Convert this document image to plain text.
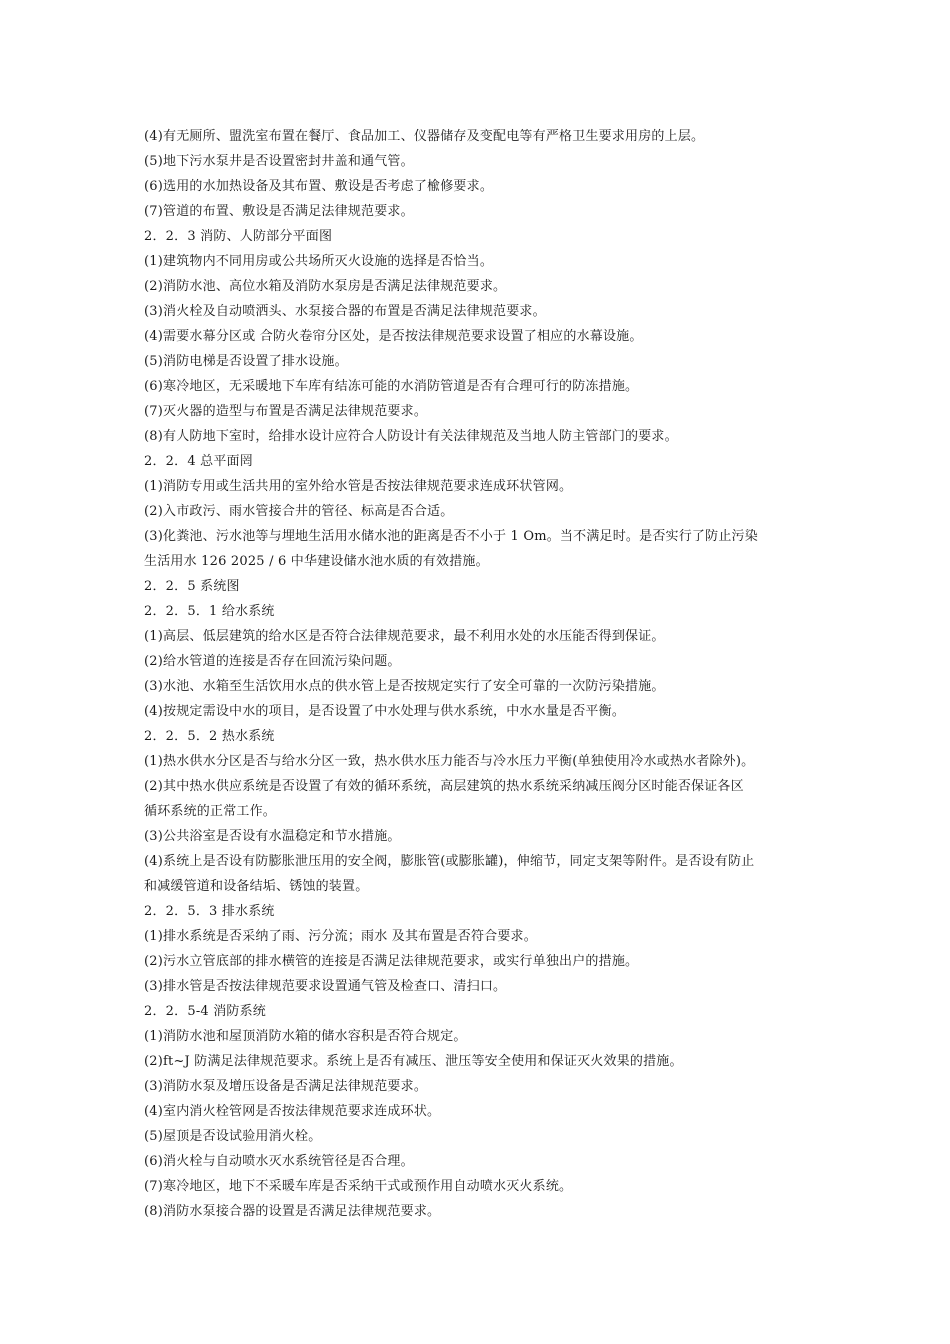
(4)有无厕所、盟洗室布置在餐厅、食品加工、仪器储存及变配电等有严格卫生要求用房的上层。
(5)地下污水泵井是否设置密封井盖和通气管。
(6)选用的水加热设备及其布置、敷设是否考虑了楡修要求。
(7)管道的布置、敷设是否满足法律规范要求。
2．2．3 消防、人防部分平面图
(1)建筑物内不同用房或公共场所灭火设施的选择是否恰当。
(2)消防水池、高位水箱及消防水泵房是否满足法律规范要求。
(3)消火栓及自动喷洒头、水泵接合器的布置是否满足法律规范要求。
(4)需要水幕分区或 合防火卷帘分区处，是否按法律规范要求设置了相应的水幕设施。
(5)消防电梯是否设置了排水设施。
(6)寒冷地区，无采暖地下车库有结冻可能的水消防管道是否有合理可行的防冻措施。
(7)灭火器的造型与布置是否满足法律规范要求。
(8)有人防地下室时，给排水设计应符合人防设计有关法律规范及当地人防主管部门的要求。
2．2．4 总平面罔
(1)消防专用或生活共用的室外给水管是否按法律规范要求连成环状管网。
(2)入市政污、雨水管接合井的管径、标高是否合适。
(3)化粪池、污水池等与埋地生活用水储水池的距离是否不小于 1 Om。当不满足时。是否实行了防止污染
生活用水 126 2025 / 6 中华建设储水池水质的有效措施。
2．2．5 系统图
2．2．5．1 给水系统
(1)高层、低层建筑的给水区是否符合法律规范要求，最不利用水处的水压能否得到保证。
(2)给水管道的连接是否存在回流污染问题。
(3)水池、水箱至生活饮用水点的供水管上是否按规定实行了安全可靠的一次防污染措施。
(4)按规定需设中水的项目，是否设置了中水处理与供水系统，中水水量是否平衡。
2．2．5．2 热水系统
(1)热水供水分区是否与给水分区一致，热水供水压力能否与冷水压力平衡(单独使用冷水或热水者除外)。
(2)其中热水供应系统是否设置了有效的循环系统，高层建筑的热水系统采纳减压阀分区时能否保证各区
循环系统的正常工作。
(3)公共浴室是否设有水温稳定和节水措施。
(4)系统上是否设有防膨胀泄压用的安全阀，膨胀管(或膨胀罐)，伸缩节，同定支架等附件。是否设有防止
和减缓管道和设备结垢、锈蚀的装置。
2．2．5．3 排水系统
(1)排水系统是否采纳了雨、污分流；雨水 及其布置是否符合要求。
(2)污水立管底部的排水横管的连接是否满足法律规范要求，或实行单独出户的措施。
(3)排水管是否按法律规范要求设置通气管及检查口、清扫口。
2．2．5-4 消防系统
(1)消防水池和屋顶消防水箱的储水容积是否符合规定。
(2)ft~J 防满足法律规范要求。系统上是否有减压、泄压等安全使用和保证灭火效果的措施。
(3)消防水泵及增压设备是否满足法律规范要求。
(4)室内消火栓管网是否按法律规范要求连成环状。
(5)屋顶是否设试验用消火栓。
(6)消火栓与自动喷水灭水系统管径是否合理。
(7)寒冷地区，地下不采暖车库是否采纳干式或预作用自动喷水灭火系统。
(8)消防水泵接合器的设置是否满足法律规范要求。
